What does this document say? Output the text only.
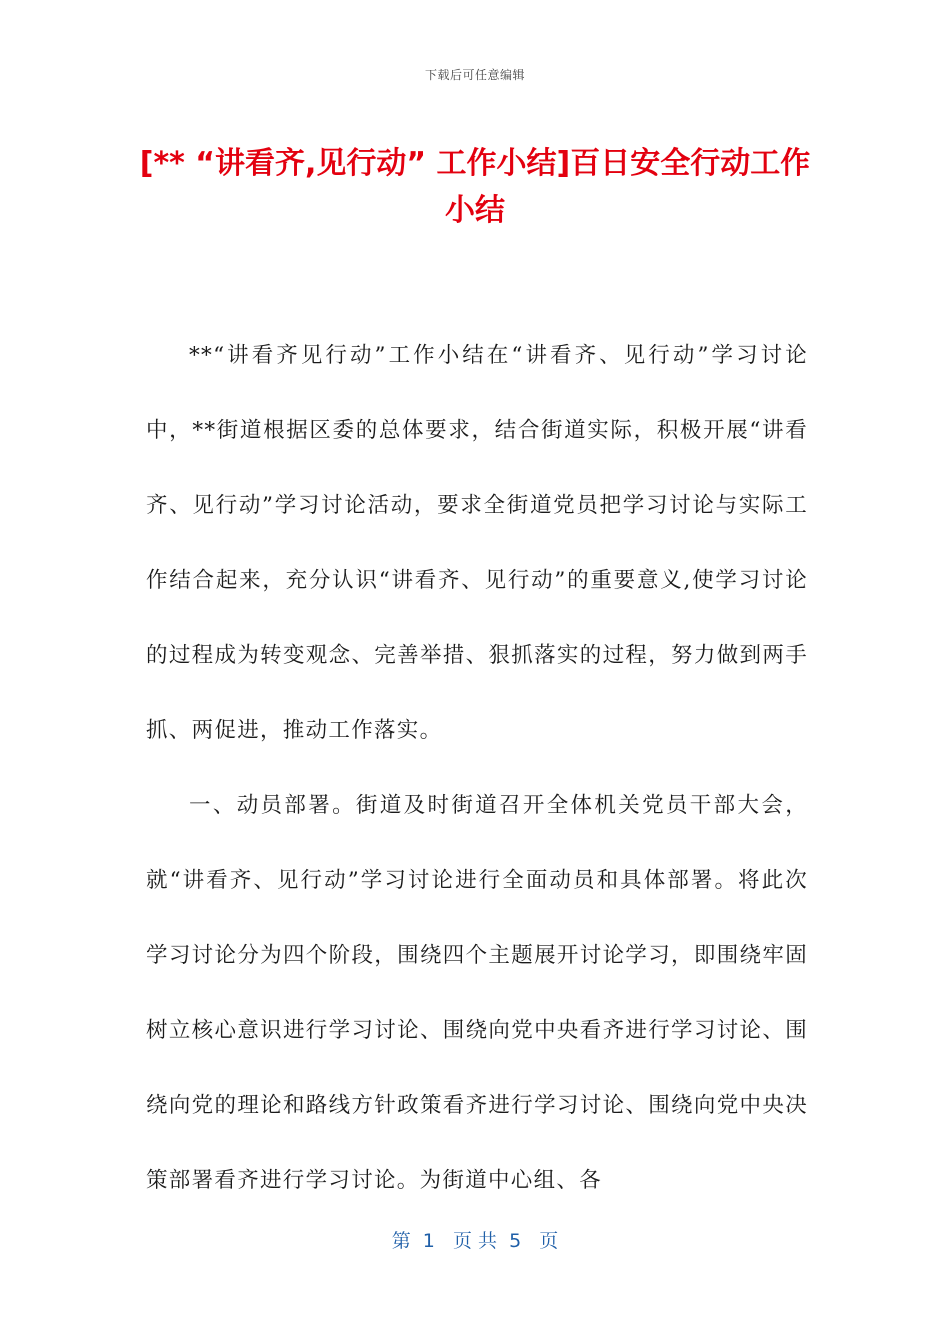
下载后可任意编辑
[** “讲看齐,见行动” 工作小结]百日安全行动工作小结

**“讲看齐见行动”工作小结在“讲看齐、见行动”学习讨论中，**街道根据区委的总体要求，结合街道实际，积极开展“讲看齐、见行动”学习讨论活动，要求全街道党员把学习讨论与实际工作结合起来，充分认识“讲看齐、见行动”的重要意义,使学习讨论的过程成为转变观念、完善举措、狠抓落实的过程，努力做到两手抓、两促进，推动工作落实。

一、动员部署。街道及时街道召开全体机关党员干部大会，就“讲看齐、见行动”学习讨论进行全面动员和具体部署。将此次学习讨论分为四个阶段，围绕四个主题展开讨论学习，即围绕牢固树立核心意识进行学习讨论、围绕向党中央看齐进行学习讨论、围绕向党的理论和路线方针政策看齐进行学习讨论、围绕向党中央决策部署看齐进行学习讨论。为街道中心组、各

第  1   页 共  5   页
